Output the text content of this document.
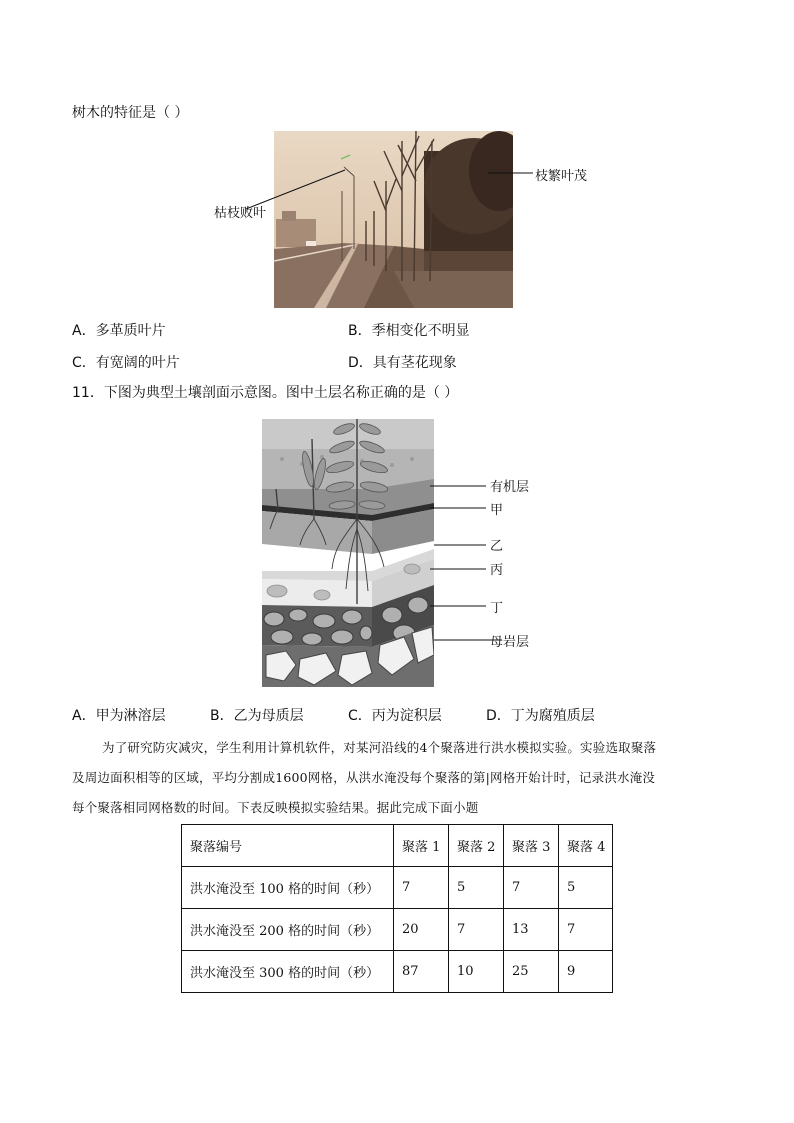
树木的特征是（ ）
枯枝败叶
枝繁叶茂
A．多革质叶片	B．季相变化不明显
C．有宽阔的叶片	D．具有茎花现象
11．下图为典型土壤剖面示意图。图中土层名称正确的是（ ）
有机层
甲
乙
丙
丁
母岩层
A．甲为淋溶层	B．乙为母质层	C．丙为淀积层	D．丁为腐殖质层
为了研究防灾减灾，学生利用计算机软件，对某河沿线的4个聚落进行洪水模拟实验。实验选取聚落
及周边面积相等的区域，平均分割成1600网格，从洪水淹没每个聚落的第|网格开始计时，记录洪水淹没
每个聚落相同网格数的时间。下表反映模拟实验结果。据此完成下面小题
聚落编号	聚落 1	聚落 2	聚落 3	聚落 4
洪水淹没至 100 格的时间（秒）	7	5	7	5
洪水淹没至 200 格的时间（秒）	20	7	13	7
洪水淹没至 300 格的时间（秒）	87	10	25	9
